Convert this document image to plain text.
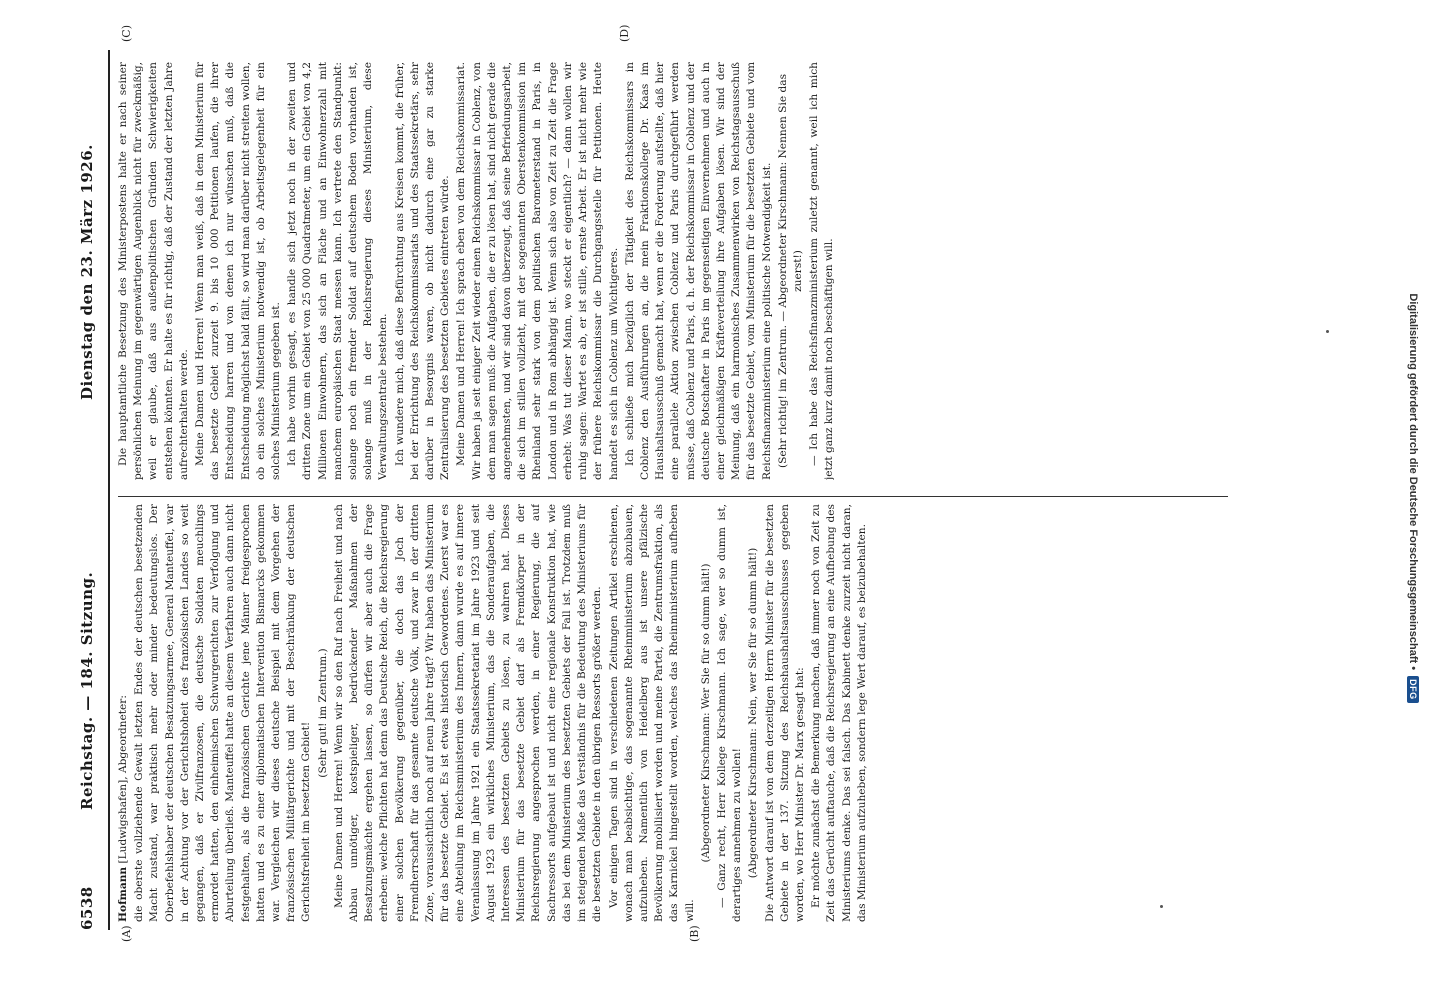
6538
Reichstag. — 184. Sitzung.
Dienstag den 23. März 1926.
(A)	(B)
(C)	(D)

Hofmann [Ludwigshafen], Abgeordneter: die oberste vollziehende Gewalt letzten Endes der deutschen besetzenden Macht zustand, war praktisch mehr oder minder bedeutungslos. Der Oberbefehlshaber der deutschen Besatzungsarmee, General Manteuffel, war in der Achtung vor der Gerichtshoheit des französischen Landes so weit gegangen, daß er Zivilfranzosen, die deutsche Soldaten meuchlings ermordet hatten, den einheimischen Schwurgerichten zur Verfolgung und Aburteilung überließ. Manteuffel hatte an diesem Verfahren auch dann nicht festgehalten, als die französischen Gerichte jene Männer freigesprochen hatten und es zu einer diplomatischen Intervention Bismarcks gekommen war. Vergleichen wir dieses deutsche Beispiel mit dem Vorgehen der französischen Militärgerichte und mit der Beschränkung der deutschen Gerichtsfreiheit im besetzten Gebiet!

(Sehr gut! im Zentrum.) Meine Damen und Herren! Wenn wir so den Ruf nach Freiheit und nach Abbau unnötiger, kostspieliger, bedrückender Maßnahmen der Besatzungsmächte ergehen lassen, so dürfen wir aber auch die Frage erheben: welche Pflichten hat denn das Deutsche Reich, die Reichsregierung einer solchen Bevölkerung gegenüber, die doch das Joch der Fremdherrschaft für das gesamte deutsche Volk, und zwar in der dritten Zone, voraussichtlich noch auf neun Jahre trägt? Wir haben das Ministerium für das besetzte Gebiet. Es ist etwas historisch Gewordenes. Zuerst war es eine Abteilung im Reichsministerium des Innern, dann wurde es auf innere Veranlassung im Jahre 1921 ein Staatssekretariat im Jahre 1923 und seit August 1923 ein wirkliches Ministerium, das die Sonderaufgaben, die Interessen des besetzten Gebiets zu lösen, zu wahren hat. Dieses Ministerium für das besetzte Gebiet darf als Fremdkörper in der Reichsregierung angesprochen werden, in einer Regierung, die auf Sachressorts aufgebaut ist und nicht eine regionale Konstruktion hat, wie das bei dem Ministerium des besetzten Gebiets der Fall ist. Trotzdem muß im steigenden Maße das Verständnis für die Bedeutung des Ministeriums für die besetzten Gebiete in den übrigen Ressorts größer werden. Vor einigen Tagen sind in verschiedenen Zeitungen Artikel erschienen, wonach man beabsichtige, das sogenannte Rheinministerium abzubauen, aufzuheben. Namentlich von Heidelberg aus ist unsere pfälzische Bevölkerung mobilisiert worden und meine Partei, die Zentrumsfraktion, als das Karnickel hingestellt worden, welches das Rheinministerium aufheben will.

(Abgeordneter Kirschmann: Wer Sie für so dumm hält!) — Ganz recht, Herr Kollege Kirschmann. Ich sage, wer so dumm ist, derartiges annehmen zu wollen! (Abgeordneter Kirschmann: Nein, wer Sie für so dumm hält!) Die Antwort darauf ist von dem derzeitigen Herrn Minister für die besetzten Gebiete in der 137. Sitzung des Reichshaushaltsausschusses gegeben worden, wo Herr Minister Dr. Marx gesagt hat: Er möchte zunächst die Bemerkung machen, daß immer noch von Zeit zu Zeit das Gerücht auftauche, daß die Reichsregierung an eine Aufhebung des Ministeriums denke. Das sei falsch. Das Kabinett denke zurzeit nicht daran, das Ministerium aufzuheben, sondern lege Wert darauf, es beizubehalten.

Die hauptamtliche Besetzung des Ministerpostens halte er nach seiner persönlichen Meinung im gegenwärtigen Augenblick nicht für zweckmäßig, weil er glaube, daß aus außenpolitischen Gründen Schwierigkeiten entstehen könnten. Er halte es für richtig, daß der Zustand der letzten Jahre aufrechterhalten werde. Meine Damen und Herren! Wenn man weiß, daß in dem Ministerium für das besetzte Gebiet zurzeit 9. bis 10 000 Petitionen laufen, die ihrer Entscheidung harren und von denen ich nur wünschen muß, daß die Entscheidung möglichst bald fällt, so wird man darüber nicht streiten wollen, ob ein solches Ministerium notwendig ist, ob Arbeitsgelegenheit für ein solches Ministerium gegeben ist. Ich habe vorhin gesagt, es handle sich jetzt noch in der zweiten und dritten Zone um ein Gebiet von 25 000 Quadratmeter, um ein Gebiet von 4,2 Millionen Einwohnern, das sich an Fläche und an Einwohnerzahl mit manchem europäischen Staat messen kann. Ich vertrete den Standpunkt: solange noch ein fremder Soldat auf deutschem Boden vorhanden ist, solange muß in der Reichsregierung dieses Ministerium, diese Verwaltungszentrale bestehen. Ich wundere mich, daß diese Befürchtung aus Kreisen kommt, die früher, bei der Errichtung des Reichskommissariats und des Staatssekretärs, sehr darüber in Besorgnis waren, ob nicht dadurch eine gar zu starke Zentralisierung des besetzten Gebietes eintreten würde. Meine Damen und Herren! Ich sprach eben von dem Reichskommissariat. Wir haben ja seit einiger Zeit wieder einen Reichskommissar in Coblenz, von dem man sagen muß: die Aufgaben, die er zu lösen hat, sind nicht gerade die angenehmsten, und wir sind davon überzeugt, daß seine Befriedungsarbeit, die sich im stillen vollzieht, mit der sogenannten Oberstenkommission im Rheinland sehr stark von dem politischen Barometerstand in Paris, in London und in Rom abhängig ist. Wenn sich also von Zeit zu Zeit die Frage erhebt: Was tut dieser Mann, wo steckt er eigentlich? — dann wollen wir ruhig sagen: Wartet es ab, er ist stille, ernste Arbeit. Er ist nicht mehr wie der frühere Reichskommissar die Durchgangsstelle für Petitionen. Heute handelt es sich in Coblenz um Wichtigeres. Ich schließe mich bezüglich der Tätigkeit des Reichskommissars in Coblenz den Ausführungen an, die mein Fraktionskollege Dr. Kaas im Haushaltsausschuß gemacht hat, wenn er die Forderung aufstellte, daß hier eine parallele Aktion zwischen Coblenz und Paris durchgeführt werden müsse, daß Coblenz und Paris, d. h. der Reichskommissar in Coblenz und der deutsche Botschafter in Paris im gegenseitigen Einvernehmen und auch in einer gleichmäßigen Kräfteverteilung ihre Aufgaben lösen. Wir sind der Meinung, daß ein harmonisches Zusammenwirken von Reichstagsausschuß für das besetzte Gebiet, vom Ministerium für die besetzten Gebiete und vom Reichsfinanzministerium eine politische Notwendigkeit ist. (Sehr richtig! im Zentrum. — Abgeordneter Kirschmann: Nennen Sie das zuerst!) — Ich habe das Reichsfinanzministerium zuletzt genannt, weil ich mich jetzt ganz kurz damit noch beschäftigen will.	Digitalisierung gefördert durch die Deutsche Forschungsgemeinschaft •
DFG
